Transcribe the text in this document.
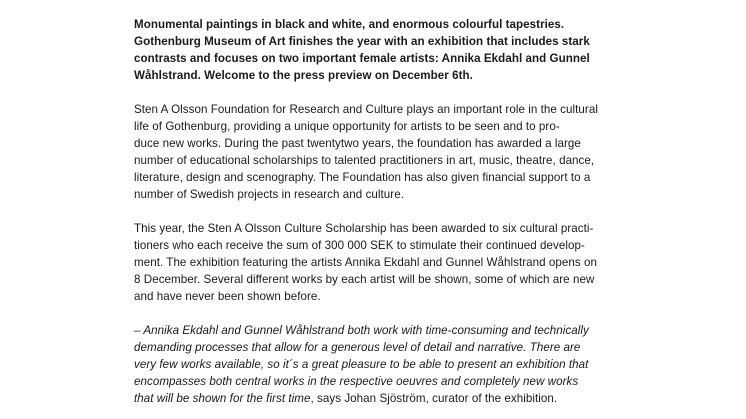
Monumental paintings in black and white, and enormous colourful tapestries.
Gothenburg Museum of Art finishes the year with an exhibition that includes stark
contrasts and focuses on two important female artists: Annika Ekdahl and Gunnel
Wåhlstrand. Welcome to the press preview on December 6th.

Sten A Olsson Foundation for Research and Culture plays an important role in the cultural
life of Gothenburg, providing a unique opportunity for artists to be seen and to pro-
duce new works. During the past twentytwo years, the foundation has awarded a large
number of educational scholarships to talented practitioners in art, music, theatre, dance,
literature, design and scenography. The Foundation has also given financial support to a
number of Swedish projects in research and culture.

This year, the Sten A Olsson Culture Scholarship has been awarded to six cultural practi-
tioners who each receive the sum of 300 000 SEK to stimulate their continued develop-
ment. The exhibition featuring the artists Annika Ekdahl and Gunnel Wåhlstrand opens on
8 December. Several different works by each artist will be shown, some of which are new
and have never been shown before.

– Annika Ekdahl and Gunnel Wåhlstrand both work with time-consuming and technically
demanding processes that allow for a generous level of detail and narrative. There are
very few works available, so it´s a great pleasure to be able to present an exhibition that
encompasses both central works in the respective oeuvres and completely new works
that will be shown for the first time, says Johan Sjöström, curator of the exhibition.
